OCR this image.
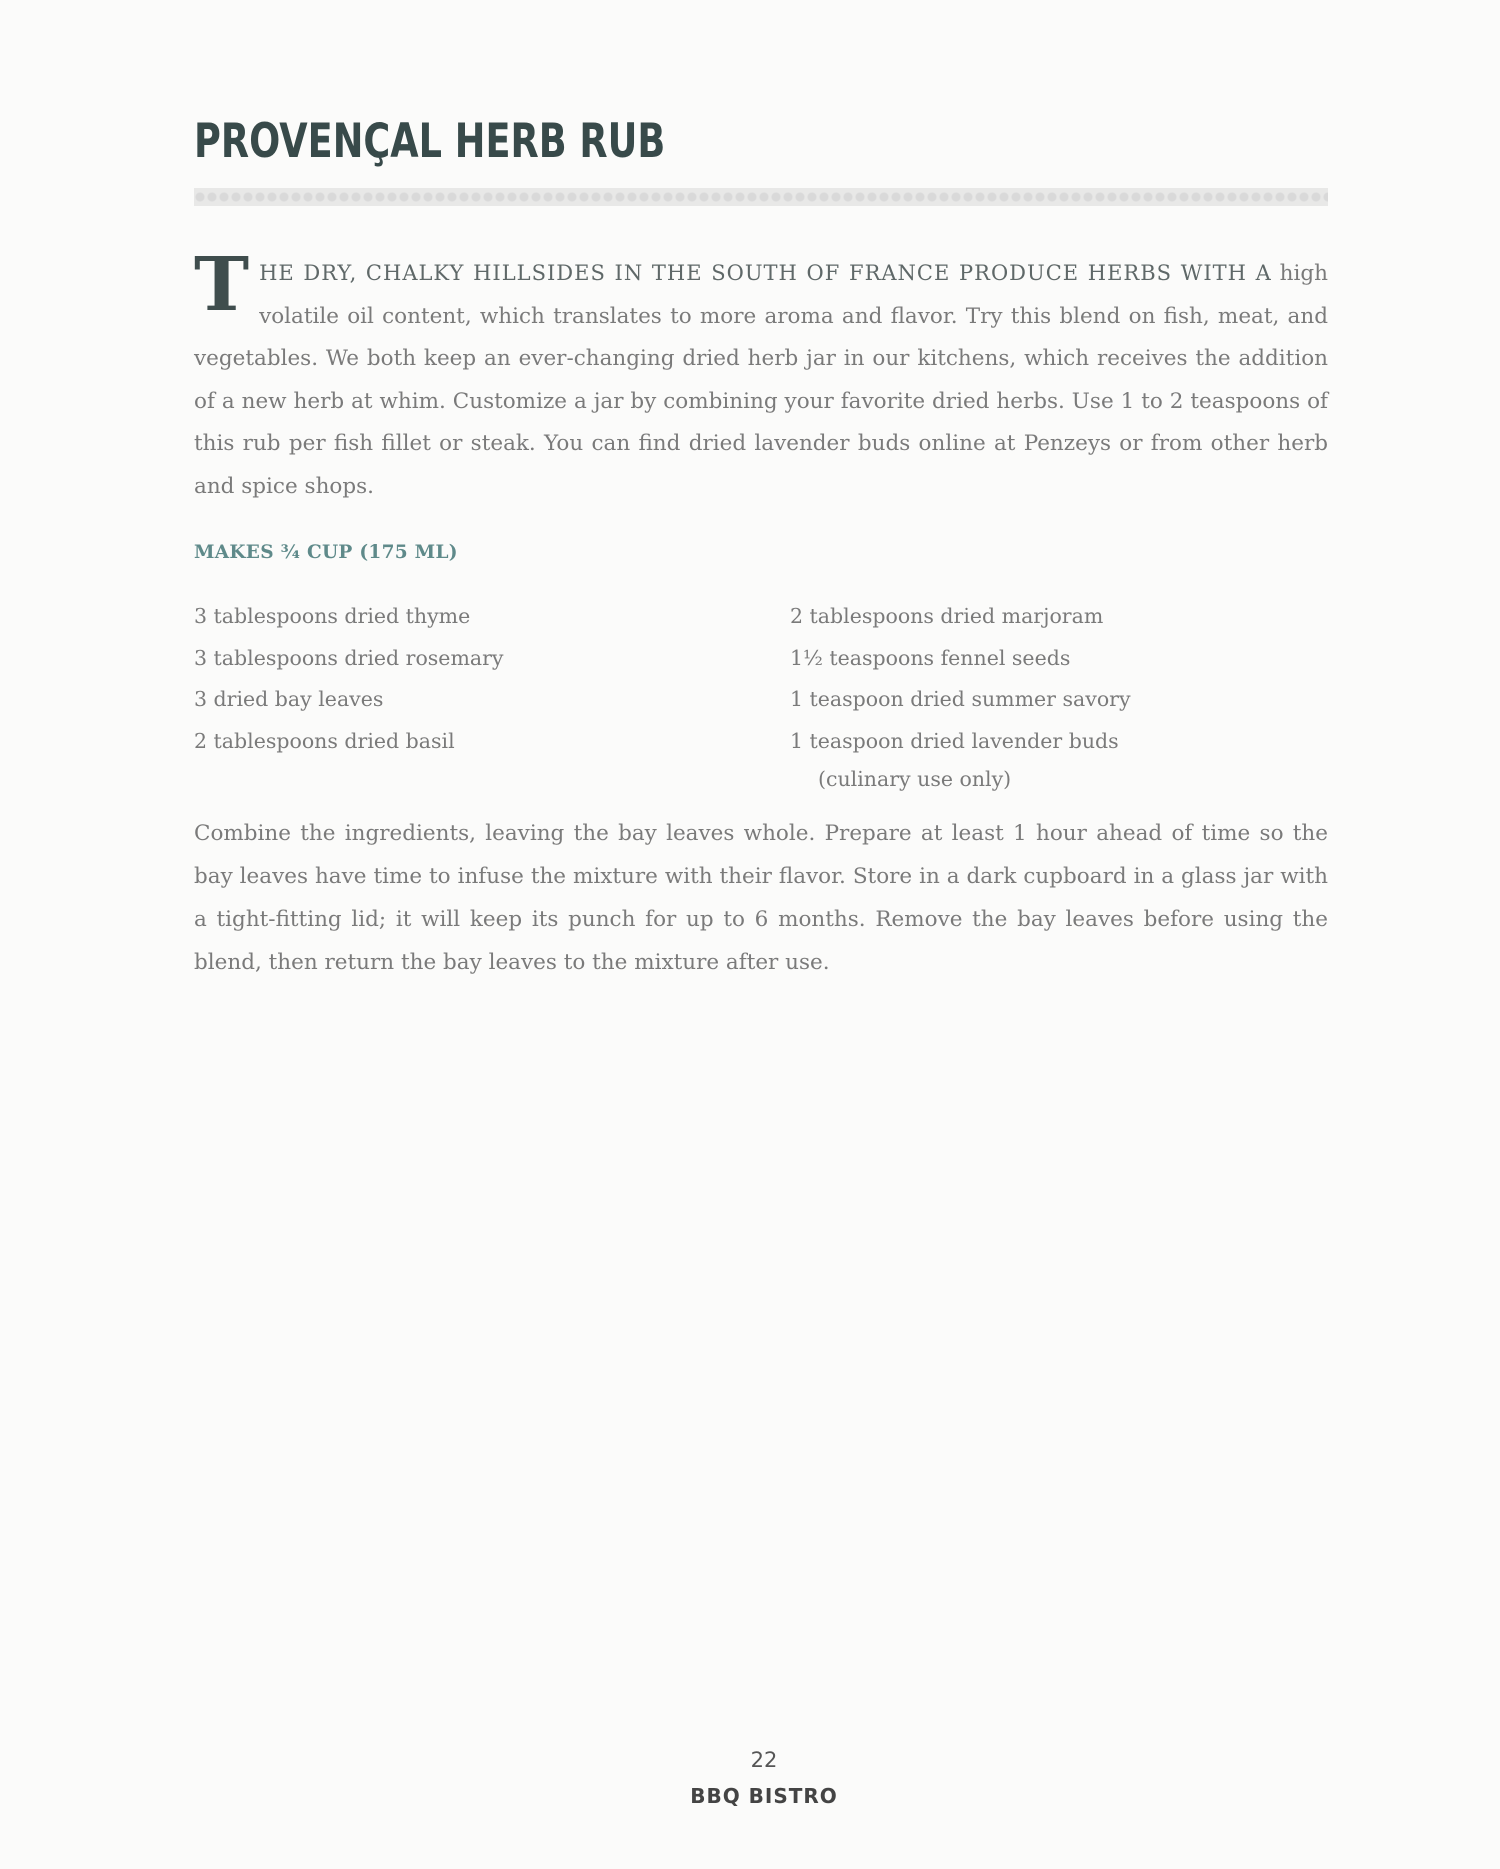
PROVENÇAL HERB RUB
THE DRY, CHALKY HILLSIDES IN THE SOUTH OF FRANCE PRODUCE HERBS WITH A high volatile oil content, which translates to more aroma and flavor. Try this blend on fish, meat, and vegetables. We both keep an ever-changing dried herb jar in our kitchens, which receives the addition of a new herb at whim. Customize a jar by combining your favorite dried herbs. Use 1 to 2 teaspoons of this rub per fish fillet or steak. You can find dried lavender buds online at Penzeys or from other herb and spice shops.
MAKES ¾ CUP (175 ML)
3 tablespoons dried thyme
3 tablespoons dried rosemary
3 dried bay leaves
2 tablespoons dried basil
2 tablespoons dried marjoram
1½ teaspoons fennel seeds
1 teaspoon dried summer savory
1 teaspoon dried lavender buds
(culinary use only)

Combine the ingredients, leaving the bay leaves whole. Prepare at least 1 hour ahead of time so the bay leaves have time to infuse the mixture with their flavor. Store in a dark cupboard in a glass jar with a tight-fitting lid; it will keep its punch for up to 6 months. Remove the bay leaves before using the blend, then return the bay leaves to the mixture after use.

22
BBQ BISTRO
